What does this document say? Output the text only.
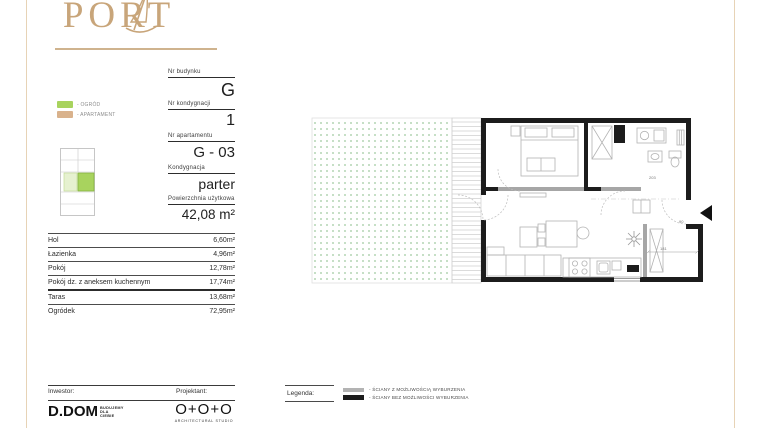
PORT
- OGRÓD
- APARTAMENT
Nr budynku
G
Nr kondygnacji
1
Nr apartamentu
G - 03
Kondygnacja
parter
Powierzchnia użytkowa
42,08 m²
Hol	6,60m²
Łazienka	4,96m²
Pokój	12,78m²
Pokój dz. z aneksem kuchennym	17,74m²
Taras	13,68m²
Ogródek	72,95m²
Inwestor:	Projektant:
D.DOM BUDUJEMY
DLA
CIEBIE	O+O+O
ARCHITECTURAL STUDIO
Legenda:
- ŚCIANY Z MOŻLIWOŚCIĄ WYBURZENIA
- ŚCIANY BEZ MOŻLIWOŚCI WYBURZENIA
203
181
90
